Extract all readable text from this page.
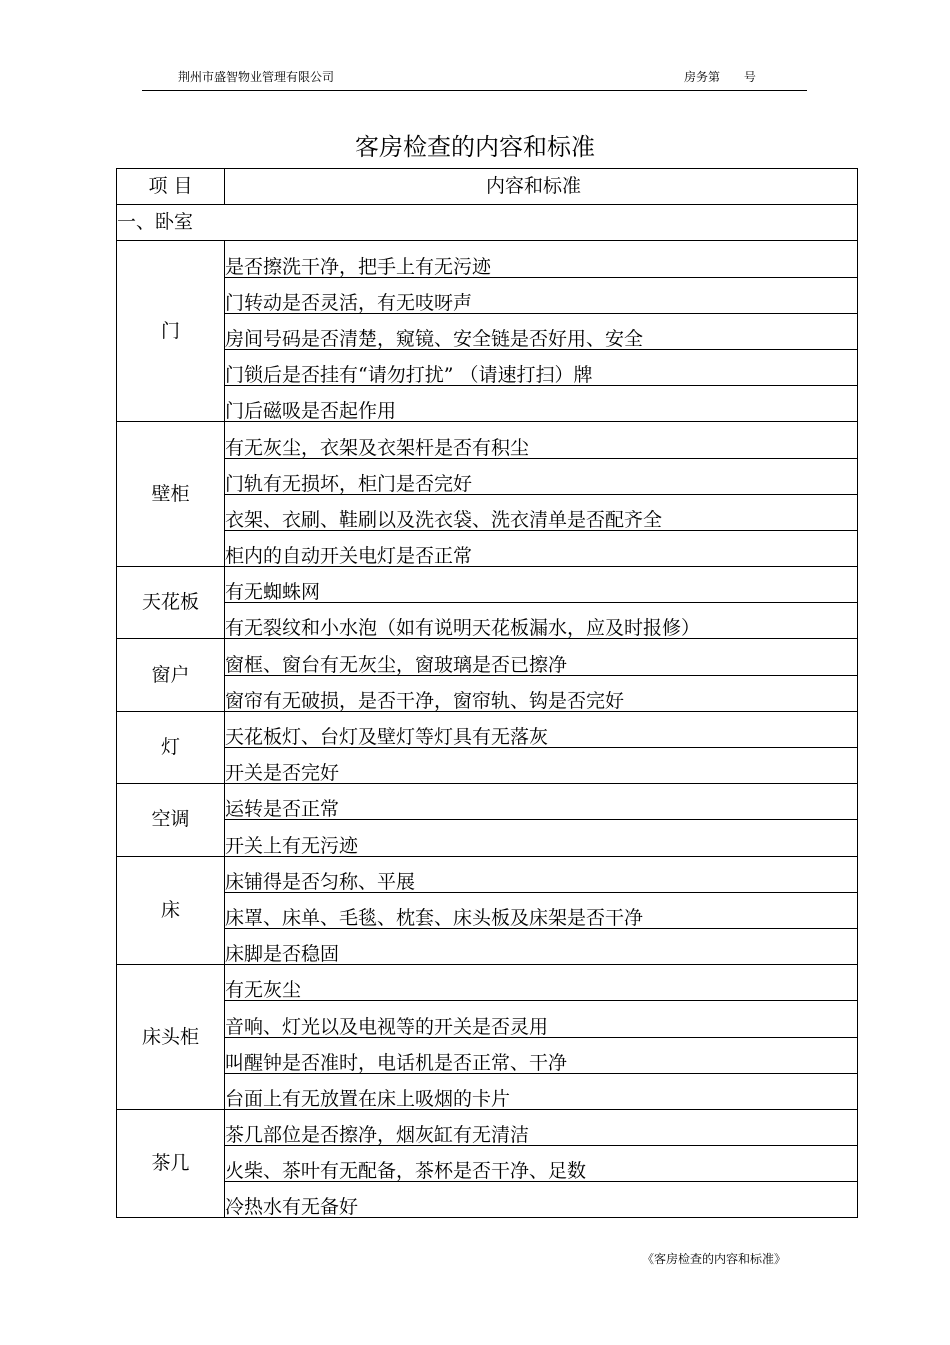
荆州市盛智物业管理有限公司	房务第 号
客房检查的内容和标准
项 目	内容和标准
一、卧室	
门	是否擦洗干净，把手上有无污迹
	门转动是否灵活，有无吱呀声
	房间号码是否清楚，窥镜、安全链是否好用、安全
	门锁后是否挂有“请勿打扰” （请速打扫）牌
	门后磁吸是否起作用
壁柜	有无灰尘，衣架及衣架杆是否有积尘
	门轨有无损坏，柜门是否完好
	衣架、衣刷、鞋刷以及洗衣袋、洗衣清单是否配齐全
	柜内的自动开关电灯是否正常
天花板	有无蜘蛛网
	有无裂纹和小水泡（如有说明天花板漏水，应及时报修）
窗户	窗框、窗台有无灰尘，窗玻璃是否已擦净
	窗帘有无破损，是否干净，窗帘轨、钩是否完好
灯	天花板灯、台灯及壁灯等灯具有无落灰
	开关是否完好
空调	运转是否正常
	开关上有无污迹
床	床铺得是否匀称、平展
	床罩、床单、毛毯、枕套、床头板及床架是否干净
	床脚是否稳固
床头柜	有无灰尘
	音响、灯光以及电视等的开关是否灵用
	叫醒钟是否准时，电话机是否正常、干净
	台面上有无放置在床上吸烟的卡片
茶几	茶几部位是否擦净，烟灰缸有无清洁
	火柴、茶叶有无配备，茶杯是否干净、足数
	冷热水有无备好
《客房检查的内容和标准》
